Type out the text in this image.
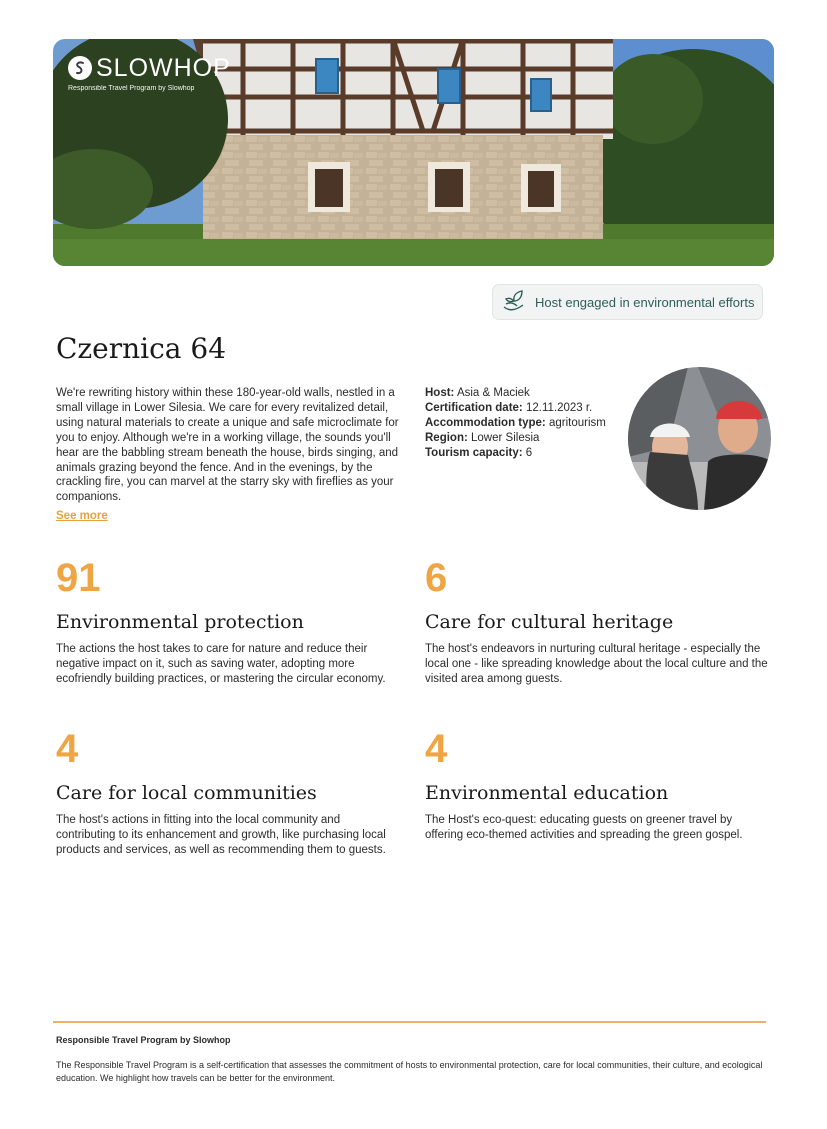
SLOWHOP
Responsible Travel Program by Slowhop
Host engaged in environmental efforts
Czernica 64

We're rewriting history within these 180-year-old walls, nestled in a small village in Lower Silesia. We care for every revitalized detail, using natural materials to create a unique and safe microclimate for you to enjoy. Although we're in a working village, the sounds you'll hear are the babbling stream beneath the house, birds singing, and animals grazing beyond the fence. And in the evenings, by the crackling fire, you can marvel at the starry sky with fireflies as your companions.

See more
Host: Asia & Maciek
Certification date: 12.11.2023 r.
Accommodation type: agritourism
Region: Lower Silesia
Tourism capacity: 6
91
Environmental protection
The actions the host takes to care for nature and reduce their negative impact on it, such as saving water, adopting more ecofriendly building practices, or mastering the circular economy.
6
Care for cultural heritage
The host's endeavors in nurturing cultural heritage - especially the local one - like spreading knowledge about the local culture and the visited area among guests.
4
Care for local communities
The host's actions in fitting into the local community and contributing to its enhancement and growth, like purchasing local products and services, as well as recommending them to guests.
4
Environmental education
The Host's eco-quest: educating guests on greener travel by offering eco-themed activities and spreading the green gospel.
Responsible Travel Program by Slowhop

The Responsible Travel Program is a self-certification that assesses the commitment of hosts to environmental protection, care for local communities, their culture, and ecological education. We highlight how travels can be better for the environment.
